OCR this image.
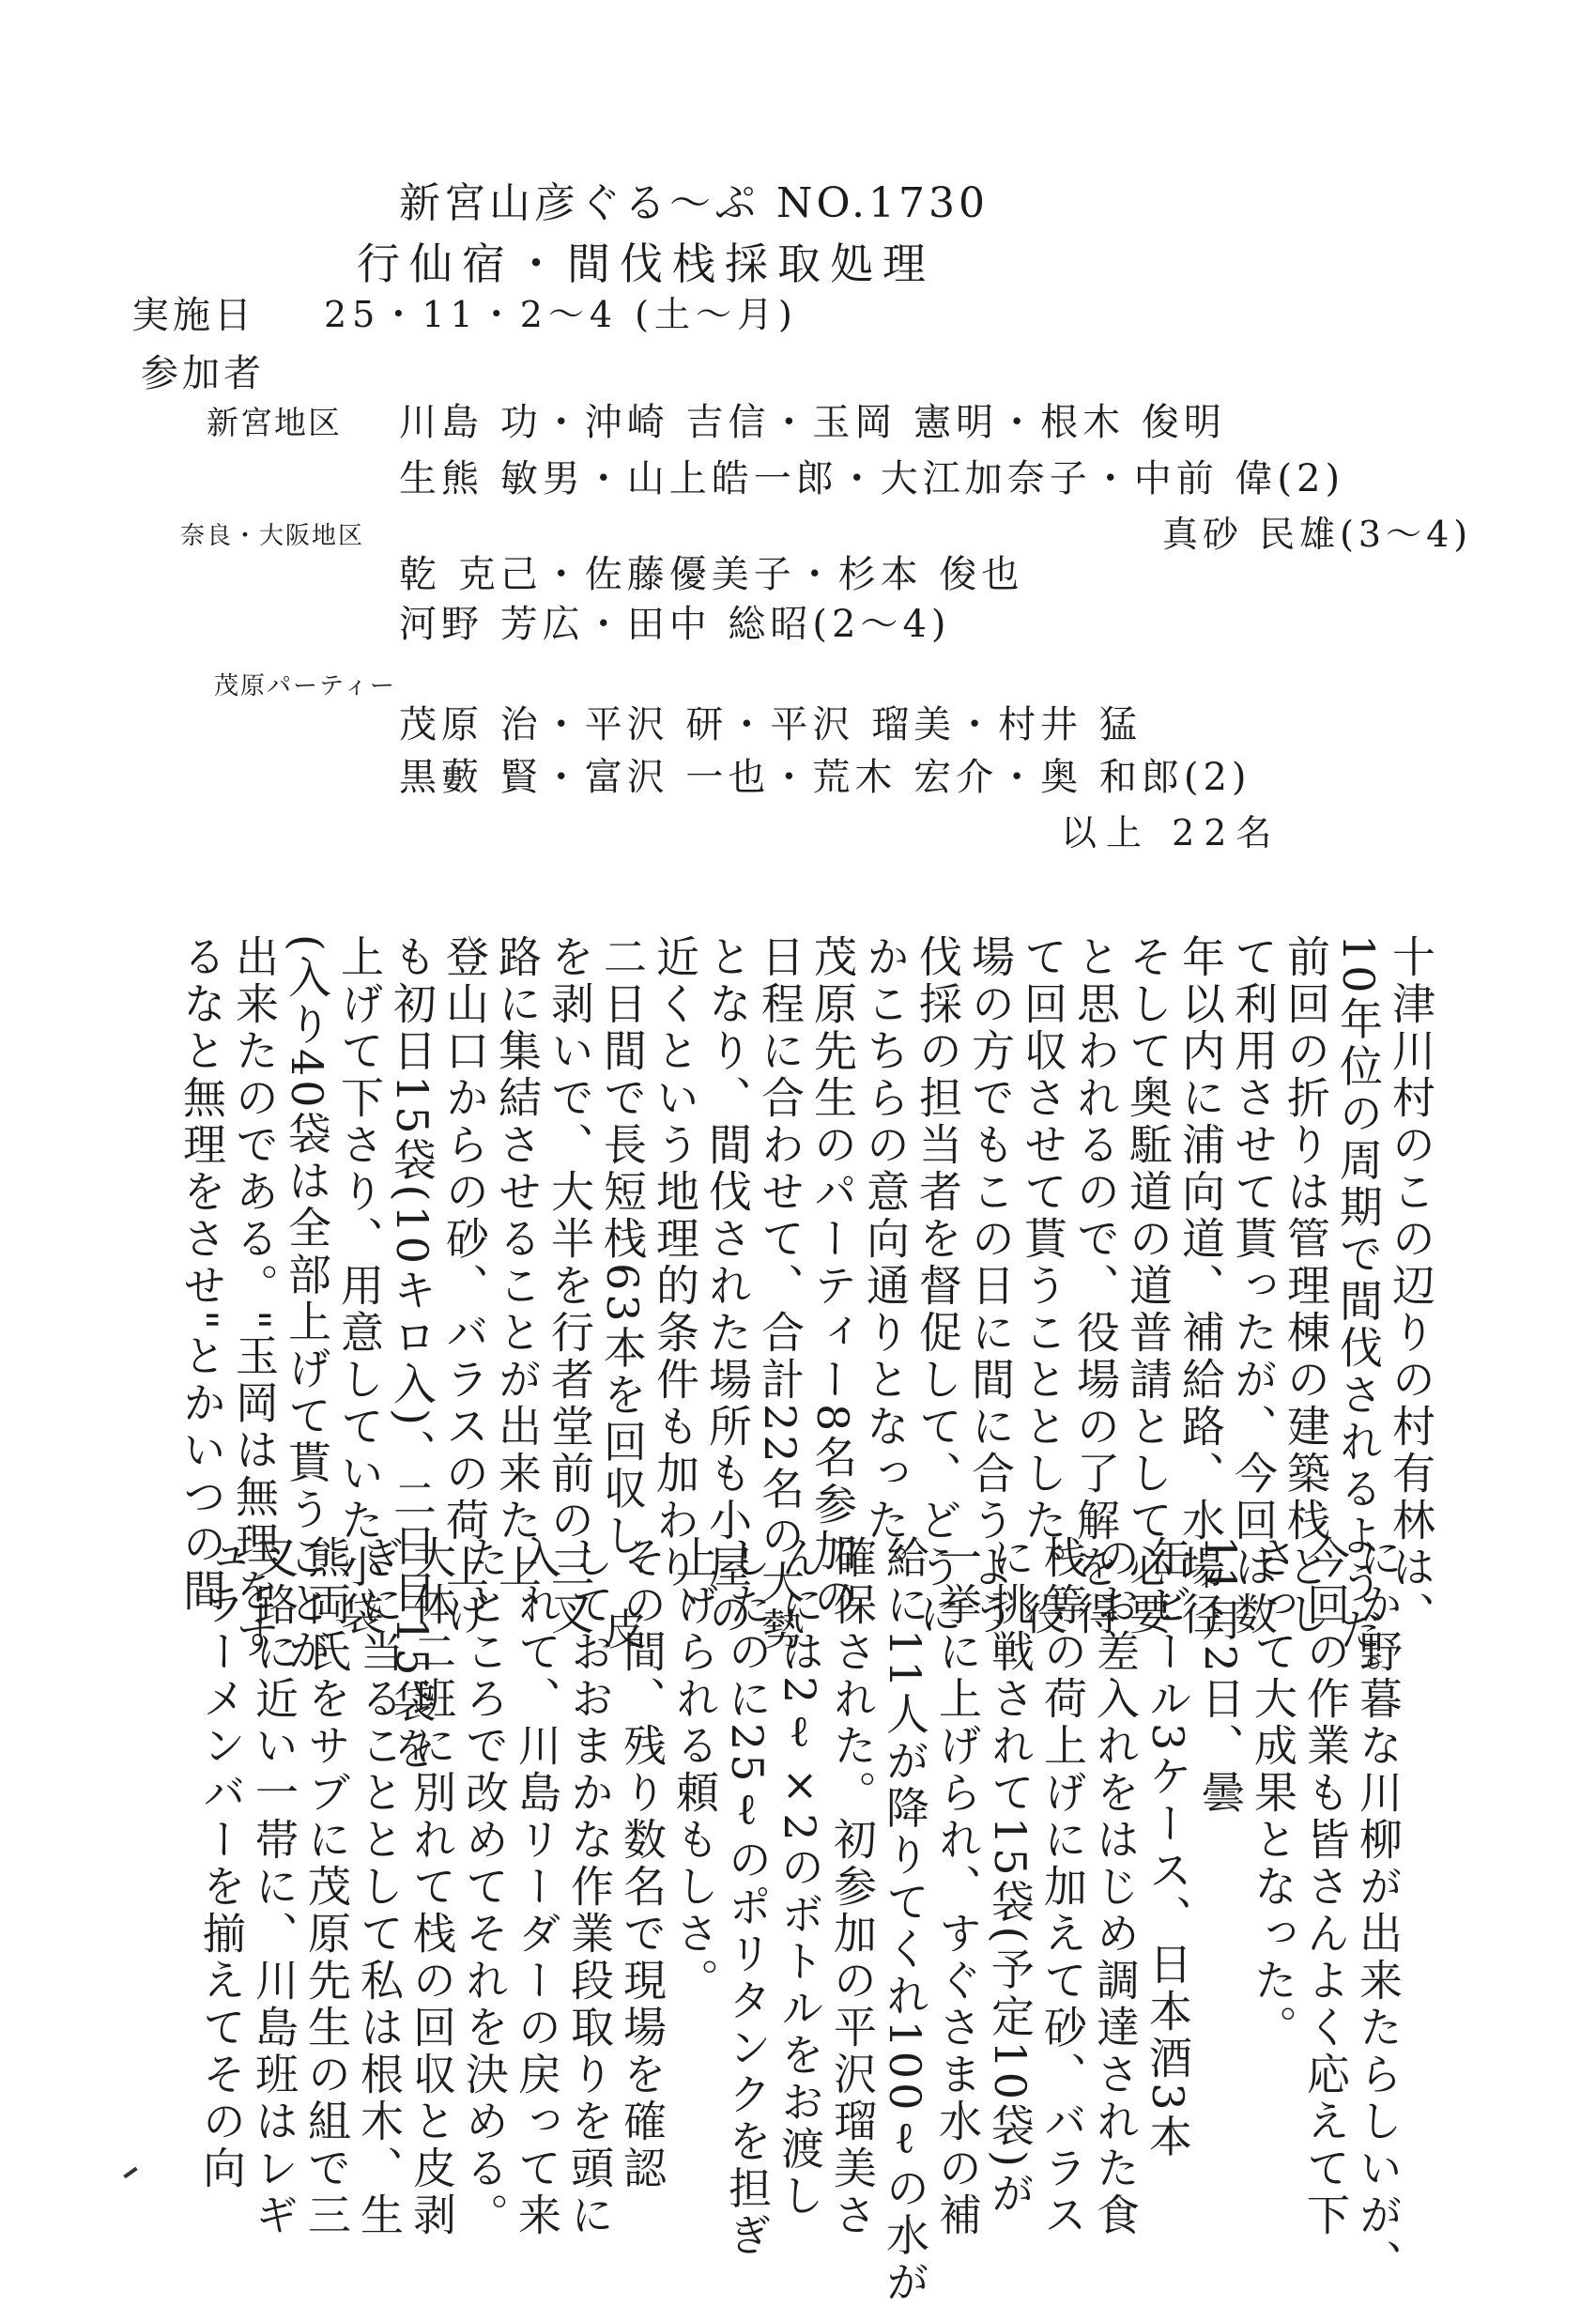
新宮山彦ぐる～ぷ NO.1730
行仙宿・間伐栈採取処理
実施日 25・11・2～4 (土～月)
参加者
新宮地区 川島 功・沖崎 吉信・玉岡 憲明・根木 俊明
生熊 敏男・山上皓一郎・大江加奈子・中前 偉(2)
真砂 民雄(3～4)
奈良・大阪地区
乾 克己・佐藤優美子・杉本 俊也
河野 芳広・田中 総昭(2～4)
茂原パーティー
茂原 治・平沢 研・平沢 瑠美・村井 猛
黒藪 賢・富沢 一也・荒木 宏介・奥 和郎(2)
以上 22名
十津川村のこの辺りの村有林は、
10年位の周期で間伐されるようだ。
前回の折りは管理棟の建築栈とし
て利用させて貰ったが、今回は数
年以内に浦向道、補給路、水場径
そして奥駈道の道普請として必要
と思われるので、役場の了解を得
て回収させて貰うこととした。役
場の方でもこの日に間に合うよう
伐採の担当者を督促して、どうに
かこちらの意向通りとなった。
茂原先生のパーティー8名参加の
日程に合わせて、合計22名の大勢
となり、間伐された場所も小屋の
近くという地理的条件も加わり、
二日間で長短栈63本を回収し、皮
を剥いで、大半を行者堂前の三叉
路に集結させることが出来た上、
登山口からの砂、バラスの荷上げ
も初日15袋(10キロ入)、二日目15袋を
上げて下さり、用意していた小袋
(入り40袋は全部上げて貰うことが
出来たのである。"玉岡は無理をす
るなと無理をさせ"とかいつの間
にか野暮な川柳が出来たらしいが、
今回の作業も皆さんよく応えて下
さって大成果となった。
11月2日、曇
缶ビール3ケース、日本酒3本
のお差入れをはじめ調達された食
栈等の荷上げに加えて砂、バラス
に挑戦されて15袋(予定10袋)が
一挙に上げられ、すぐさま水の補
給に11人が降りてくれ100ℓの水が
確保された。初参加の平沢瑠美さ
んには2ℓ×2のボトルをお渡し
したのに25ℓのポリタンクを担ぎ
上げられる頼もしさ。
その間、残り数名で現場を確認
しておおまかな作業段取りを頭に
入れて、川島リーダーの戻って来
たところで改めてそれを決める。
大体二班に別れて栈の回収と皮剥
ぎに当ることとして私は根木、生
熊両氏をサブに茂原先生の組で三
叉路に近い一帯に、川島班はレギ
ュラーメンバーを揃えてその向
